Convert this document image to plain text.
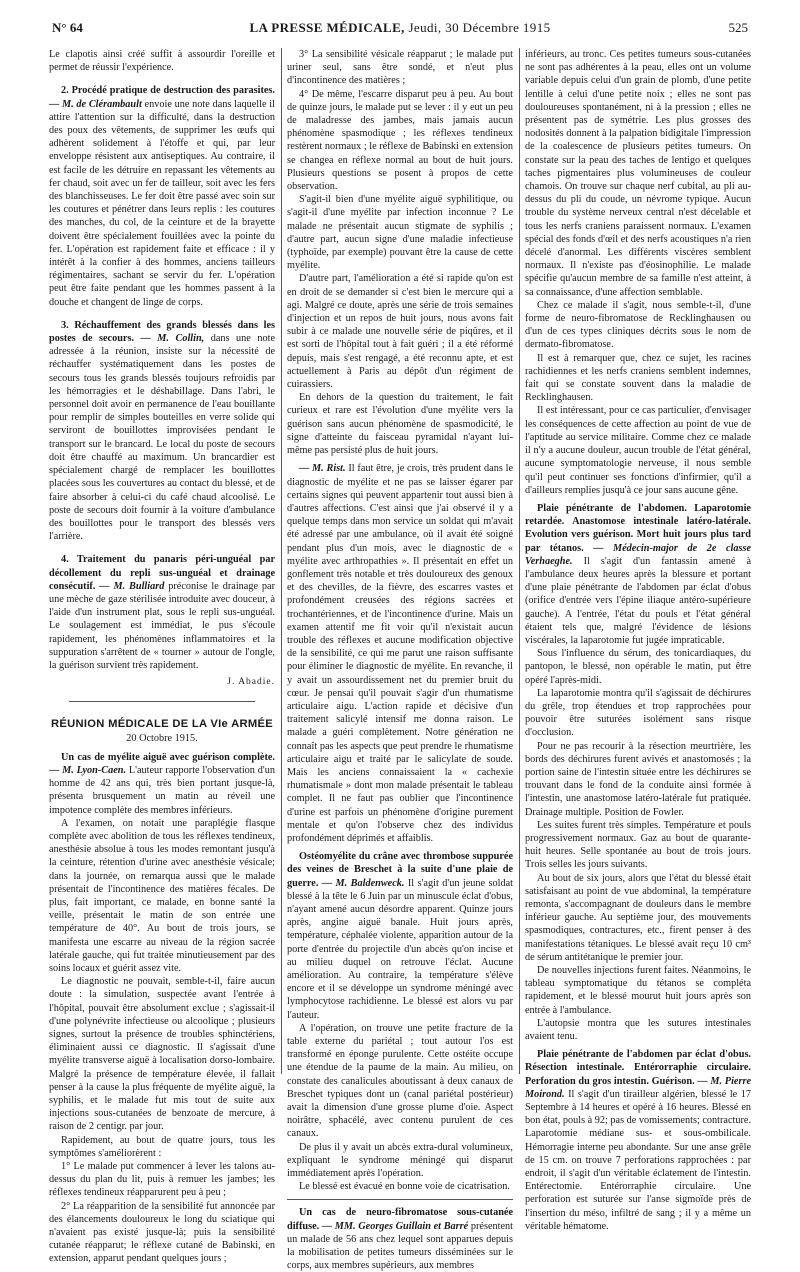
N° 64	LA PRESSE MÉDICALE, Jeudi, 30 Décembre 1915	525

Le clapotis ainsi créé suffit à assourdir l'oreille et permet de réussir l'expérience.

2. Procédé pratique de destruction des parasites. — M. de Clérambault envoie une note dans laquelle il attire l'attention sur la difficulté, dans la destruction des poux des vêtements, de supprimer les œufs qui adhèrent solidement à l'étoffe et qui, par leur enveloppe résistent aux antiseptiques. Au contraire, il est facile de les détruire en repassant les vêtements au fer chaud, soit avec un fer de tailleur, soit avec les fers des blanchisseuses. Le fer doit être passé avec soin sur les coutures et pénétrer dans leurs replis : les coutures des manches, du col, de la ceinture et de la brayette doivent être spécialement fouillées avec la pointe du fer. L'opération est rapidement faite et efficace : il y intérêt à la confier à des hommes, anciens tailleurs régimentaires, sachant se servir du fer. L'opération peut être faite pendant que les hommes passent à la douche et changent de linge de corps.

3. Réchauffement des grands blessés dans les postes de secours. — M. Collin, dans une note adressée à la réunion, insiste sur la nécessité de réchauffer systématiquement dans les postes de secours tous les grands blessés toujours refroidis par les hémorragies et le déshabillage. Dans l'abri, le personnel doit avoir en permanence de l'eau bouillante pour remplir de simples bouteilles en verre solide qui serviront de bouillottes improvisées pendant le transport sur le brancard. Le local du poste de secours doit être chauffé au maximum. Un brancardier est spécialement chargé de remplacer les bouillottes placées sous les couvertures au contact du blessé, et de faire absorber à celui-ci du café chaud alcoolisé. Le poste de secours doit fournir à la voiture d'ambulance des bouillottes pour le transport des blessés vers l'arrière.

4. Traitement du panaris péri-unguéal par décollement du repli sus-unguéal et drainage consécutif. — M. Bulliard préconise le drainage par une mèche de gaze stérilisée introduite avec douceur, à l'aide d'un instrument plat, sous le repli sus-unguéal. Le soulagement est immédiat, le pus s'écoule rapidement, les phénomènes inflammatoires et la suppuration s'arrêtent de « tourner » autour de l'ongle, la guérison survient très rapidement.

J. Abadie.
RÉUNION MÉDICALE DE LA VIe ARMÉE
20 Octobre 1915.

Un cas de myélite aiguë avec guérison complète. — M. Lyon-Caen. L'auteur rapporte l'observation d'un homme de 42 ans qui, très bien portant jusque-là, présenta brusquement un matin au réveil une impotence complète des membres inférieurs.

A l'examen, on notait une paraplégie flasque complète avec abolition de tous les réflexes tendineux, anesthésie absolue à tous les modes remontant jusqu'à la ceinture, rétention d'urine avec anesthésie vésicale; dans la journée, on remarqua aussi que le malade présentait de l'incontinence des matières fécales. De plus, fait important, ce malade, en bonne santé la veille, présentait le matin de son entrée une température de 40°. Au bout de trois jours, se manifesta une escarre au niveau de la région sacrée latérale gauche, qui fut traitée minutieusement par des soins locaux et guérit assez vite.

Le diagnostic ne pouvait, semble-t-il, faire aucun doute : la simulation, suspectée avant l'entrée à l'hôpital, pouvait être absolument exclue ; s'agissait-il d'une polynévrite infectieuse ou alcoolique ; plusieurs signes, surtout la présence de troubles sphinctériens, éliminaient aussi ce diagnostic. Il s'agissait d'une myélite transverse aiguë à localisation dorso-lombaire. Malgré la présence de température élevée, il fallait penser à la cause la plus fréquente de myélite aiguë, la syphilis, et le malade fut mis tout de suite aux injections sous-cutanées de benzoate de mercure, à raison de 2 centigr. par jour.

Rapidement, au bout de quatre jours, tous les symptômes s'améliorèrent :

1° Le malade put commencer à lever les talons au-dessus du plan du lit, puis à remuer les jambes; les réflexes tendineux réapparurent peu à peu ;

2° La réapparition de la sensibilité fut annoncée par des élancements douloureux le long du sciatique qui n'avaient pas existé jusque-là; puis la sensibilité cutanée réapparut; le réflexe cutané de Babinski, en extension, apparut pendant quelques jours ;

3° La sensibilité vésicale réapparut ; le malade put uriner seul, sans être sondé, et n'eut plus d'incontinence des matières ;

4° De même, l'escarre disparut peu à peu. Au bout de quinze jours, le malade put se lever : il y eut un peu de maladresse des jambes, mais jamais aucun phénomène spasmodique ; les réflexes tendineux restèrent normaux ; le réflexe de Babinski en extension se changea en réflexe normal au bout de huit jours. Plusieurs questions se posent à propos de cette observation.

S'agit-il bien d'une myélite aiguë syphilitique, ou s'agit-il d'une myélite par infection inconnue ? Le malade ne présentait aucun stigmate de syphilis ; d'autre part, aucun signe d'une maladie infectieuse (typhoïde, par exemple) pouvant être la cause de cette myélite.

D'autre part, l'amélioration a été si rapide qu'on est en droit de se demander si c'est bien le mercure qui a agi. Malgré ce doute, après une série de trois semaines d'injection et un repos de huit jours, nous avons fait subir à ce malade une nouvelle série de piqûres, et il est sorti de l'hôpital tout à fait guéri ; il a été réformé depuis, mais s'est rengagé, a été reconnu apte, et est actuellement à Paris au dépôt d'un régiment de cuirassiers.

En dehors de la question du traitement, le fait curieux et rare est l'évolution d'une myélite vers la guérison sans aucun phénomène de spasmodicité, le signe d'atteinte du faisceau pyramidal n'ayant lui-même pas persisté plus de huit jours.

— M. Rist. Il faut être, je crois, très prudent dans le diagnostic de myélite et ne pas se laisser égarer par certains signes qui peuvent appartenir tout aussi bien à d'autres affections. C'est ainsi que j'ai observé il y a quelque temps dans mon service un soldat qui m'avait été adressé par une ambulance, où il avait été soigné pendant plus d'un mois, avec le diagnostic de « myélite avec arthropathies ». Il présentait en effet un gonflement très notable et très douloureux des genoux et des chevilles, de la fièvre, des escarres vastes et profondément creusées des régions sacrées et trochantériennes, et de l'incontinence d'urine. Mais un examen attentif me fit voir qu'il n'existait aucun trouble des réflexes et aucune modification objective de la sensibilité, ce qui me parut une raison suffisante pour éliminer le diagnostic de myélite. En revanche, il y avait un assourdissement net du premier bruit du cœur. Je pensai qu'il pouvait s'agir d'un rhumatisme articulaire aigu. L'action rapide et décisive d'un traitement salicylé intensif me donna raison. Le malade a guéri complètement. Notre génération ne connaît pas les aspects que peut prendre le rhumatisme articulaire aigu et traité par le salicylate de soude. Mais les anciens connaissaient la « cachexie rhumatismale » dont mon malade présentait le tableau complet. Il ne faut pas oublier que l'incontinence d'urine est parfois un phénomène d'origine purement mentale et qu'on l'observe chez des individus profondément déprimés et affaiblis.

Ostéomyélite du crâne avec thrombose suppurée des veines de Breschet à la suite d'une plaie de guerre. — M. Baldenweck. Il s'agit d'un jeune soldat blessé à la tête le 6 Juin par un minuscule éclat d'obus, n'ayant amené aucun désordre apparent. Quinze jours après, angine aiguë banale. Huit jours après, température, céphalée violente, apparition autour de la porte d'entrée du projectile d'un abcès qu'on incise et au milieu duquel on retrouve l'éclat. Aucune amélioration. Au contraire, la température s'élève encore et il se développe un syndrome méningé avec lymphocytose rachidienne. Le blessé est alors vu par l'auteur.

A l'opération, on trouve une petite fracture de la table externe du pariétal ; tout autour l'os est transformé en éponge purulente. Cette ostéite occupe une étendue de la paume de la main. Au milieu, on constate des canalicules aboutissant à deux canaux de Breschet typiques dont un (canal pariétal postérieur) avait la dimension d'une grosse plume d'oie. Aspect noirâtre, sphacélé, avec contenu purulent de ces canaux.

De plus il y avait un abcès extra-dural volumineux, expliquant le syndrome méningé qui disparut immédiatement après l'opération.

Le blessé est évacué en bonne voie de cicatrisation.

Un cas de neuro-fibromatose sous-cutanée diffuse. — MM. Georges Guillain et Barré présentent un malade de 56 ans chez lequel sont apparues depuis la mobilisation de petites tumeurs disséminées sur le corps, aux membres supérieurs, aux membres

inférieurs, au tronc. Ces petites tumeurs sous-cutanées ne sont pas adhérentes à la peau, elles ont un volume variable depuis celui d'un grain de plomb, d'une petite lentille à celui d'une petite noix ; elles ne sont pas douloureuses spontanément, ni à la pression ; elles ne présentent pas de symétrie. Les plus grosses des nodosités donnent à la palpation bidigitale l'impression de la coalescence de plusieurs petites tumeurs. On constate sur la peau des taches de lentigo et quelques taches pigmentaires plus volumineuses de couleur chamois. On trouve sur chaque nerf cubital, au pli au-dessus du pli du coude, un névrome typique. Aucun trouble du système nerveux central n'est décelable et tous les nerfs craniens paraissent normaux. L'examen spécial des fonds d'œil et des nerfs acoustiques n'a rien décelé d'anormal. Les différents viscères semblent normaux. Il n'existe pas d'éosinophilie. Le malade spécifie qu'aucun membre de sa famille n'est atteint, à sa connaissance, d'une affection semblable.

Chez ce malade il s'agit, nous semble-t-il, d'une forme de neuro-fibromatose de Recklinghausen ou d'un de ces types cliniques décrits sous le nom de dermato-fibromatose.

Il est à remarquer que, chez ce sujet, les racines rachidiennes et les nerfs craniens semblent indemnes, fait qui se constate souvent dans la maladie de Recklinghausen.

Il est intéressant, pour ce cas particulier, d'envisager les conséquences de cette affection au point de vue de l'aptitude au service militaire. Comme chez ce malade il n'y a aucune douleur, aucun trouble de l'état général, aucune symptomatologie nerveuse, il nous semble qu'il peut continuer ses fonctions d'infirmier, qu'il a d'ailleurs remplies jusqu'à ce jour sans aucune gêne.

Plaie pénétrante de l'abdomen. Laparotomie retardée. Anastomose intestinale latéro-latérale. Evolution vers guérison. Mort huit jours plus tard par tétanos. — Médecin-major de 2e classe Verhaeghe. Il s'agit d'un fantassin amené à l'ambulance deux heures après la blessure et portant d'une plaie pénétrante de l'abdomen par éclat d'obus (orifice d'entrée vers l'épine iliaque antéro-supérieure gauche). A l'entrée, l'état du pouls et l'état général étaient tels que, malgré l'évidence de lésions viscérales, la laparotomie fut jugée impraticable.

Sous l'influence du sérum, des tonicardiaques, du pantopon, le blessé, non opérable le matin, put être opéré l'après-midi.

La laparotomie montra qu'il s'agissait de déchirures du grêle, trop étendues et trop rapprochées pour pouvoir être suturées isolément sans risque d'occlusion.

Pour ne pas recourir à la résection meurtrière, les bords des déchirures furent avivés et anastomosés ; la portion saine de l'intestin située entre les déchirures se trouvant dans le fond de la conduite ainsi formée à l'intestin, une anastomose latéro-latérale fut pratiquée. Drainage multiple. Position de Fowler.

Les suites furent très simples. Température et pouls progressivement normaux. Gaz au bout de quarante-huit heures. Selle spontanée au bout de trois jours. Trois selles les jours suivants.

Au bout de six jours, alors que l'état du blessé était satisfaisant au point de vue abdominal, la température remonta, s'accompagnant de douleurs dans le membre inférieur gauche. Au septième jour, des mouvements spasmodiques, contractures, etc., firent penser à des manifestations tétaniques. Le blessé avait reçu 10 cm³ de sérum antitétanique le premier jour.

De nouvelles injections furent faites. Néanmoins, le tableau symptomatique du tétanos se compléta rapidement, et le blessé mourut huit jours après son entrée à l'ambulance.

L'autopsie montra que les sutures intestinales avaient tenu.

Plaie pénétrante de l'abdomen par éclat d'obus. Résection intestinale. Entérorraphie circulaire. Perforation du gros intestin. Guérison. — M. Pierre Moirond. Il s'agit d'un tirailleur algérien, blessé le 17 Septembre à 14 heures et opéré à 16 heures. Blessé en bon état, pouls à 92; pas de vomissements; contracture. Laparotomie médiane sus- et sous-ombilicale. Hémorragie interne peu abondante. Sur une anse grêle de 15 cm. on trouve 7 perforations rapprochées : par endroit, il s'agit d'un véritable éclatement de l'intestin. Entérectomie. Entérorraphie circulaire. Une perforation est suturée sur l'anse sigmoïde près de l'insertion du méso, infiltré de sang ; il y a même un véritable hématome.
